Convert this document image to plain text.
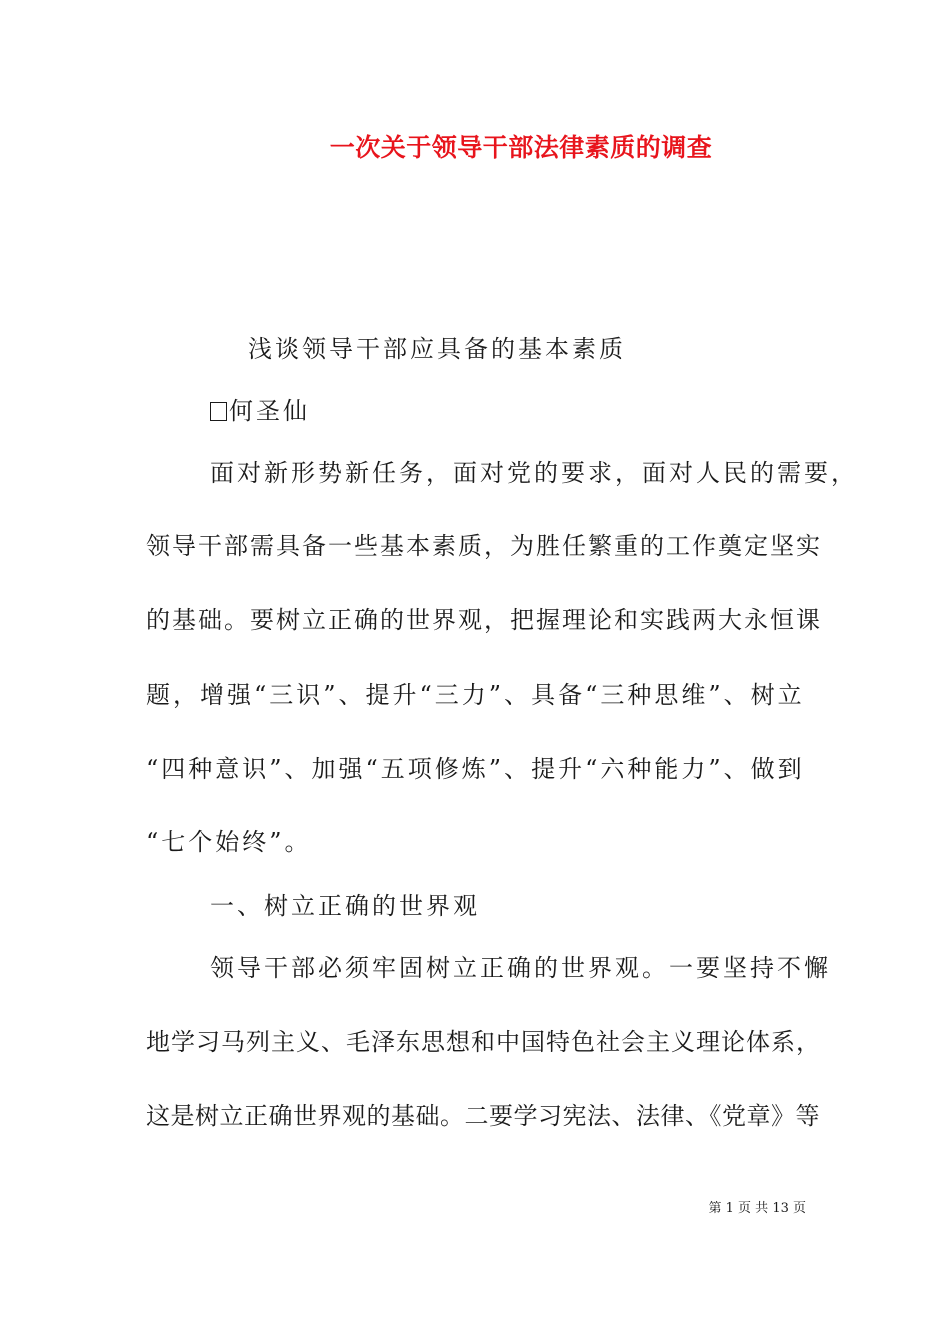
一次关于领导干部法律素质的调查
浅谈领导干部应具备的基本素质
何圣仙
面对新形势新任务，面对党的要求，面对人民的需要，
领导干部需具备一些基本素质，为胜任繁重的工作奠定坚实
的基础。要树立正确的世界观，把握理论和实践两大永恒课
题，增强“三识”、提升“三力”、具备“三种思维”、树立
“四种意识”、加强“五项修炼”、提升“六种能力”、做到
“七个始终”。
一、树立正确的世界观
领导干部必须牢固树立正确的世界观。一要坚持不懈
地学习马列主义、毛泽东思想和中国特色社会主义理论体系，
这是树立正确世界观的基础。二要学习宪法、法律、《党章》等
第 1 页 共 13 页
